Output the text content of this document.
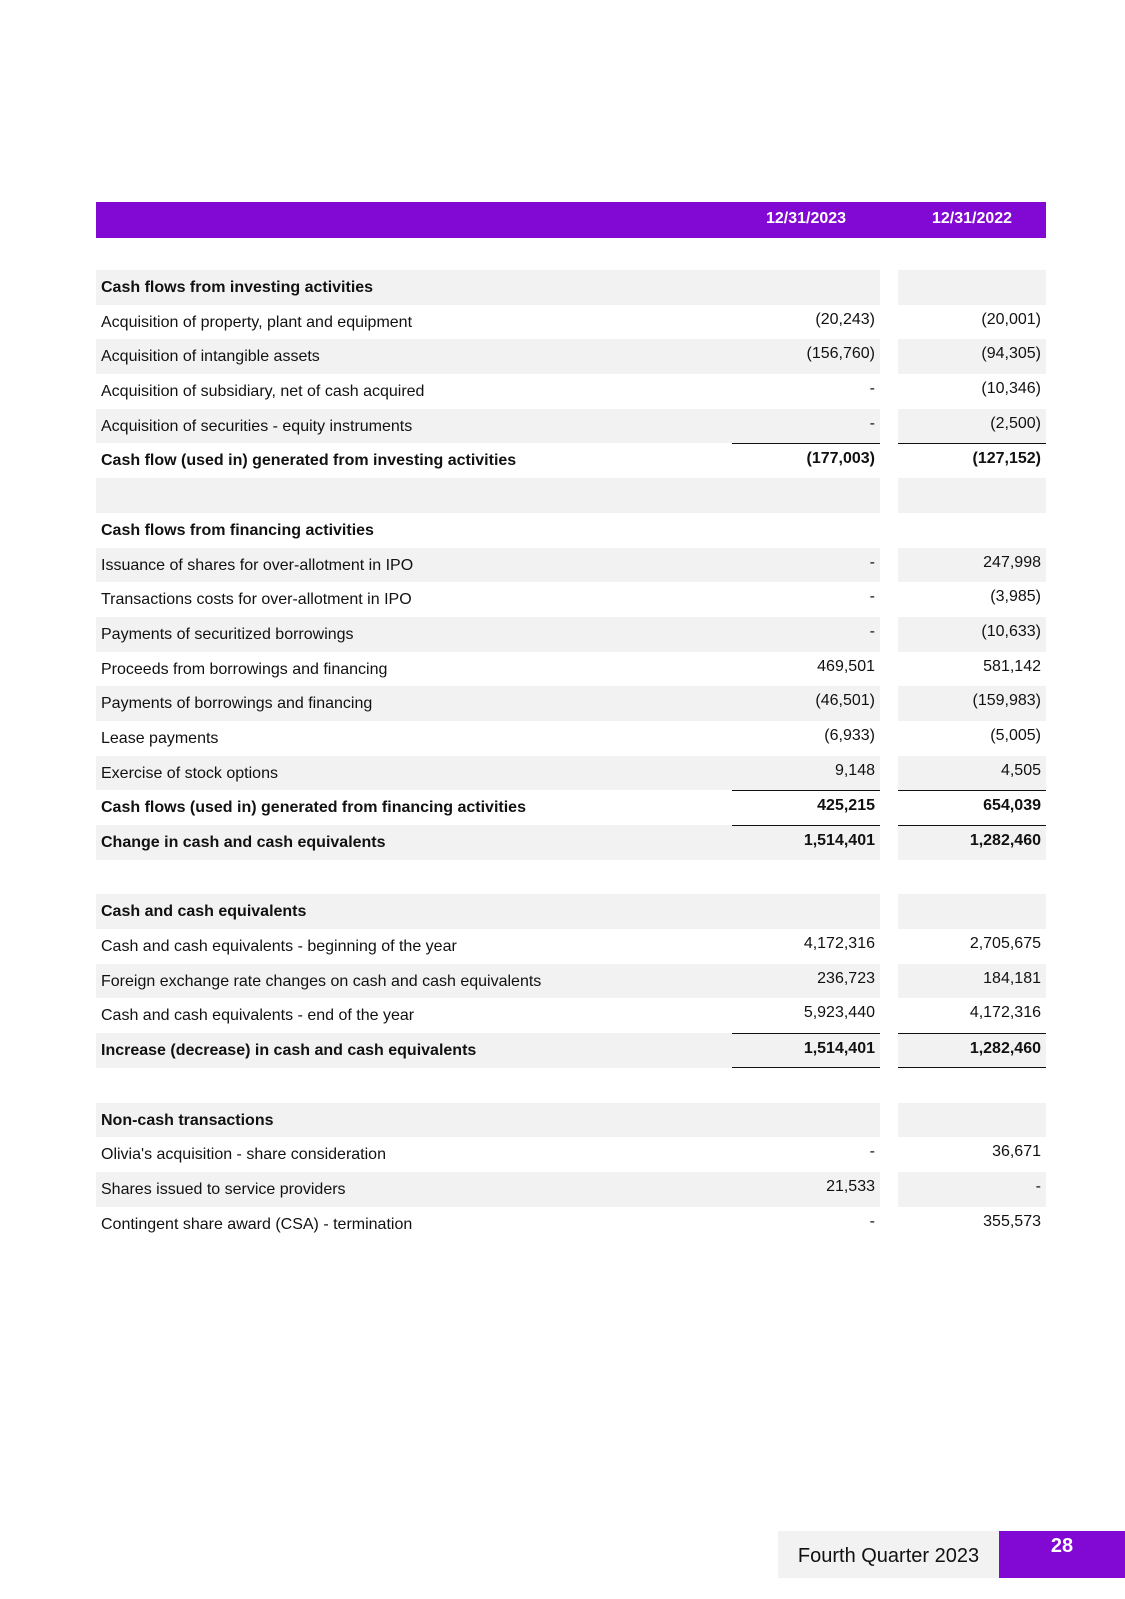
12/31/2023	12/31/2022
Cash flows from investing activities
Acquisition of property, plant and equipment	(20,243)	(20,001)
Acquisition of intangible assets	(156,760)	(94,305)
Acquisition of subsidiary, net of cash acquired	-	(10,346)
Acquisition of securities - equity instruments	-	(2,500)
Cash flow (used in) generated from investing activities	(177,003)	(127,152)
Cash flows from financing activities
Issuance of shares for over-allotment in IPO	-	247,998
Transactions costs for over-allotment in IPO	-	(3,985)
Payments of securitized borrowings	-	(10,633)
Proceeds from borrowings and financing	469,501	581,142
Payments of borrowings and financing	(46,501)	(159,983)
Lease payments	(6,933)	(5,005)
Exercise of stock options	9,148	4,505
Cash flows (used in) generated from financing activities	425,215	654,039
Change in cash and cash equivalents	1,514,401	1,282,460
Cash and cash equivalents
Cash and cash equivalents - beginning of the year	4,172,316	2,705,675
Foreign exchange rate changes on cash and cash equivalents	236,723	184,181
Cash and cash equivalents - end of the year	5,923,440	4,172,316
Increase (decrease) in cash and cash equivalents	1,514,401	1,282,460
Non-cash transactions
Olivia's acquisition - share consideration	-	36,671
Shares issued to service providers	21,533	-
Contingent share award (CSA) - termination	-	355,573
Fourth Quarter 2023	28
